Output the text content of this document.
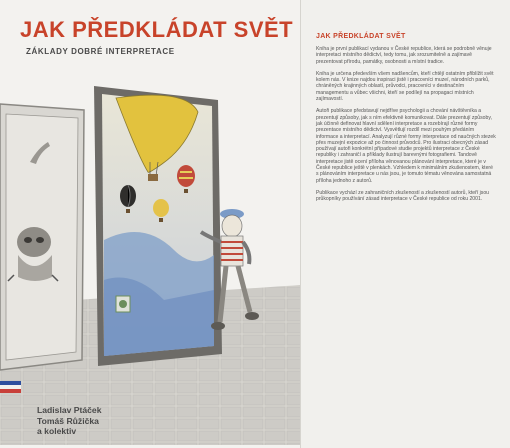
JAK PŘEDKLÁDAT SVĚT
ZÁKLADY DOBRÉ INTERPRETACE
Ladislav Ptáček
Tomáš Růžička
a kolektiv
JAK PŘEDKLÁDAT SVĚT

Kniha je první publikací vydanou v České republice, která se podrobně věnuje interpretaci místního dědictví, tedy tomu, jak srozumitelně a zajímavě prezentovat přírodu, památky, osobnosti a místní tradice.

Kniha je určena především všem nadšencům, kteří chtějí ostatním přiblížit svět kolem nás. V knize najdou inspiraci jistě i pracovníci muzeí, národních parků, chráněných krajinných oblastí, průvodci, pracovníci v destinačním managementu a vůbec všichni, kteří se podílejí na propagaci místních zajímavostí.

Autoři publikace představují nejdříve psychologii a chování návštěvníka a prezentují způsoby, jak s ním efektivně komunikovat. Dále prezentují způsoby, jak účinně definovat hlavní sdělení interpretace a rozebírají různé formy prezentace místního dědictví. Vysvětlují rozdíl mezi pouhým předáním informace a interpretací. Analyzují různé formy interpretace od naučných stezek přes muzejní expozice až po činnost průvodců. Pro ilustraci obecných zásad používají autoři konkrétní případové studie projektů interpretace z České republiky i zahraničí a příklady ilustrují barevnými fotografiemi. Tandově interpretace jistě ocení příloha věnovanou plánování interpretace, které je v České republice ještě v plenkách. Vzhledem k minimálním zkušenostem, které s plánováním interpretace u nás jsou, je tomuto tématu věnována samostatná příloha jednoho z autorů.

Publikace vychází ze zahraničních zkušeností a zkušeností autorů, kteří jsou průkopníky používání zásad interpretace v České republice od roku 2001.
